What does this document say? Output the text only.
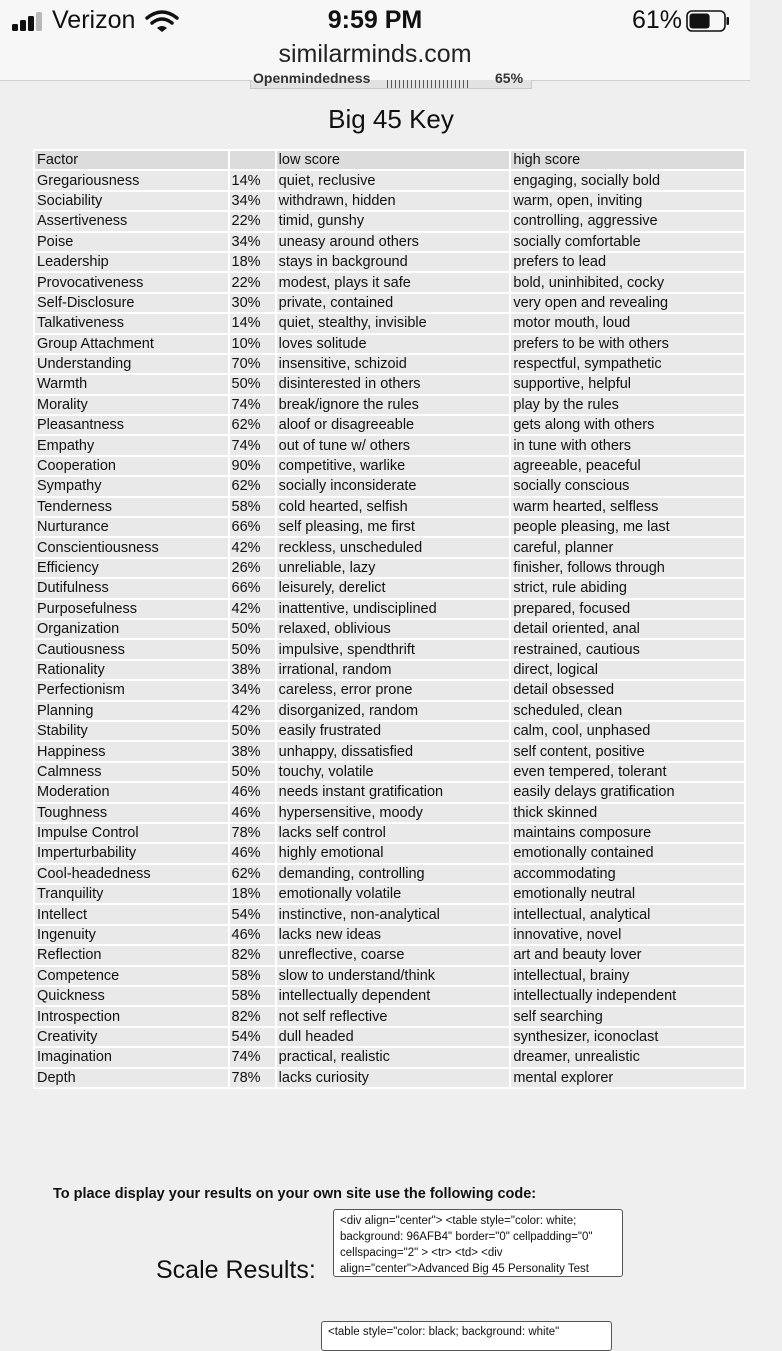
Verizon	9:59 PM	61%
similarminds.com
Openmindedness	65%
Big 45 Key
Factor		low score	high score
Gregariousness	14%	quiet, reclusive	engaging, socially bold
Sociability	34%	withdrawn, hidden	warm, open, inviting
Assertiveness	22%	timid, gunshy	controlling, aggressive
Poise	34%	uneasy around others	socially comfortable
Leadership	18%	stays in background	prefers to lead
Provocativeness	22%	modest, plays it safe	bold, uninhibited, cocky
Self-Disclosure	30%	private, contained	very open and revealing
Talkativeness	14%	quiet, stealthy, invisible	motor mouth, loud
Group Attachment	10%	loves solitude	prefers to be with others
Understanding	70%	insensitive, schizoid	respectful, sympathetic
Warmth	50%	disinterested in others	supportive, helpful
Morality	74%	break/ignore the rules	play by the rules
Pleasantness	62%	aloof or disagreeable	gets along with others
Empathy	74%	out of tune w/ others	in tune with others
Cooperation	90%	competitive, warlike	agreeable, peaceful
Sympathy	62%	socially inconsiderate	socially conscious
Tenderness	58%	cold hearted, selfish	warm hearted, selfless
Nurturance	66%	self pleasing, me first	people pleasing, me last
Conscientiousness	42%	reckless, unscheduled	careful, planner
Efficiency	26%	unreliable, lazy	finisher, follows through
Dutifulness	66%	leisurely, derelict	strict, rule abiding
Purposefulness	42%	inattentive, undisciplined	prepared, focused
Organization	50%	relaxed, oblivious	detail oriented, anal
Cautiousness	50%	impulsive, spendthrift	restrained, cautious
Rationality	38%	irrational, random	direct, logical
Perfectionism	34%	careless, error prone	detail obsessed
Planning	42%	disorganized, random	scheduled, clean
Stability	50%	easily frustrated	calm, cool, unphased
Happiness	38%	unhappy, dissatisfied	self content, positive
Calmness	50%	touchy, volatile	even tempered, tolerant
Moderation	46%	needs instant gratification	easily delays gratification
Toughness	46%	hypersensitive, moody	thick skinned
Impulse Control	78%	lacks self control	maintains composure
Imperturbability	46%	highly emotional	emotionally contained
Cool-headedness	62%	demanding, controlling	accommodating
Tranquility	18%	emotionally volatile	emotionally neutral
Intellect	54%	instinctive, non-analytical	intellectual, analytical
Ingenuity	46%	lacks new ideas	innovative, novel
Reflection	82%	unreflective, coarse	art and beauty lover
Competence	58%	slow to understand/think	intellectual, brainy
Quickness	58%	intellectually dependent	intellectually independent
Introspection	82%	not self reflective	self searching
Creativity	54%	dull headed	synthesizer, iconoclast
Imagination	74%	practical, realistic	dreamer, unrealistic
Depth	78%	lacks curiosity	mental explorer
To place display your results on your own site use the following code:
Scale Results:
<div align="center"> <table style="color: white; background: 96AFB4" border="0" cellpadding="0" cellspacing="2" > <tr> <td> <div align="center">Advanced Big 45 Personality Test
<table style="color: black; background: white"
